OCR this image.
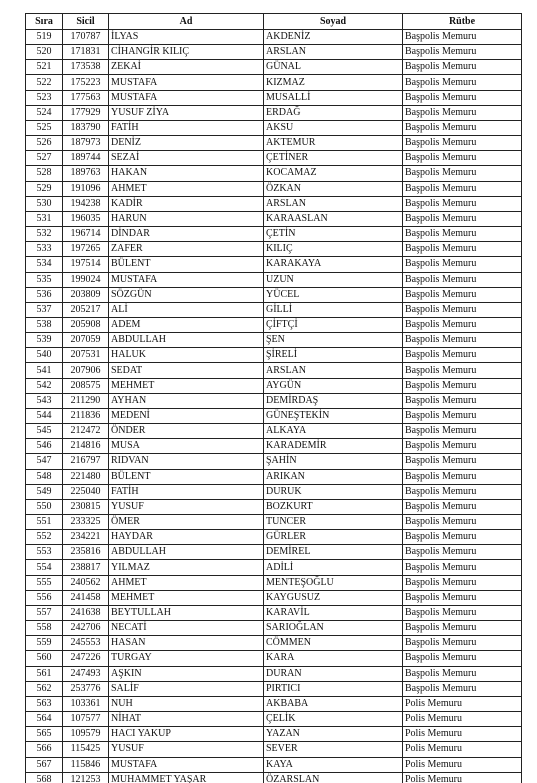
Sıra	Sicil	Ad	Soyad	Rütbe
519	170787	İLYAS	AKDENİZ	Başpolis Memuru
520	171831	CİHANGİR KILIÇ	ARSLAN	Başpolis Memuru
521	173538	ZEKAİ	GÜNAL	Başpolis Memuru
522	175223	MUSTAFA	KIZMAZ	Başpolis Memuru
523	177563	MUSTAFA	MUSALLİ	Başpolis Memuru
524	177929	YUSUF ZİYA	ERDAĞ	Başpolis Memuru
525	183790	FATİH	AKSU	Başpolis Memuru
526	187973	DENİZ	AKTEMUR	Başpolis Memuru
527	189744	SEZAİ	ÇETİNER	Başpolis Memuru
528	189763	HAKAN	KOCAMAZ	Başpolis Memuru
529	191096	AHMET	ÖZKAN	Başpolis Memuru
530	194238	KADİR	ARSLAN	Başpolis Memuru
531	196035	HARUN	KARAASLAN	Başpolis Memuru
532	196714	DİNDAR	ÇETİN	Başpolis Memuru
533	197265	ZAFER	KILIÇ	Başpolis Memuru
534	197514	BÜLENT	KARAKAYA	Başpolis Memuru
535	199024	MUSTAFA	UZUN	Başpolis Memuru
536	203809	SÖZGÜN	YÜCEL	Başpolis Memuru
537	205217	ALİ	GİLLİ	Başpolis Memuru
538	205908	ADEM	ÇİFTÇİ	Başpolis Memuru
539	207059	ABDULLAH	ŞEN	Başpolis Memuru
540	207531	HALUK	ŞİRELİ	Başpolis Memuru
541	207906	SEDAT	ARSLAN	Başpolis Memuru
542	208575	MEHMET	AYGÜN	Başpolis Memuru
543	211290	AYHAN	DEMİRDAŞ	Başpolis Memuru
544	211836	MEDENİ	GÜNEŞTEKİN	Başpolis Memuru
545	212472	ÖNDER	ALKAYA	Başpolis Memuru
546	214816	MUSA	KARADEMİR	Başpolis Memuru
547	216797	RIDVAN	ŞAHİN	Başpolis Memuru
548	221480	BÜLENT	ARIKAN	Başpolis Memuru
549	225040	FATİH	DURUK	Başpolis Memuru
550	230815	YUSUF	BOZKURT	Başpolis Memuru
551	233325	ÖMER	TUNCER	Başpolis Memuru
552	234221	HAYDAR	GÜRLER	Başpolis Memuru
553	235816	ABDULLAH	DEMİREL	Başpolis Memuru
554	238817	YILMAZ	ADİLİ	Başpolis Memuru
555	240562	AHMET	MENTEŞOĞLU	Başpolis Memuru
556	241458	MEHMET	KAYGUSUZ	Başpolis Memuru
557	241638	BEYTULLAH	KARAVİL	Başpolis Memuru
558	242706	NECATİ	SARIOĞLAN	Başpolis Memuru
559	245553	HASAN	CÖMMEN	Başpolis Memuru
560	247226	TURGAY	KARA	Başpolis Memuru
561	247493	AŞKIN	DURAN	Başpolis Memuru
562	253776	SALİF	PIRTICI	Başpolis Memuru
563	103361	NUH	AKBABA	Polis Memuru
564	107577	NİHAT	ÇELİK	Polis Memuru
565	109579	HACI YAKUP	YAZAN	Polis Memuru
566	115425	YUSUF	SEVER	Polis Memuru
567	115846	MUSTAFA	KAYA	Polis Memuru
568	121253	MUHAMMET YAŞAR	ÖZARSLAN	Polis Memuru
